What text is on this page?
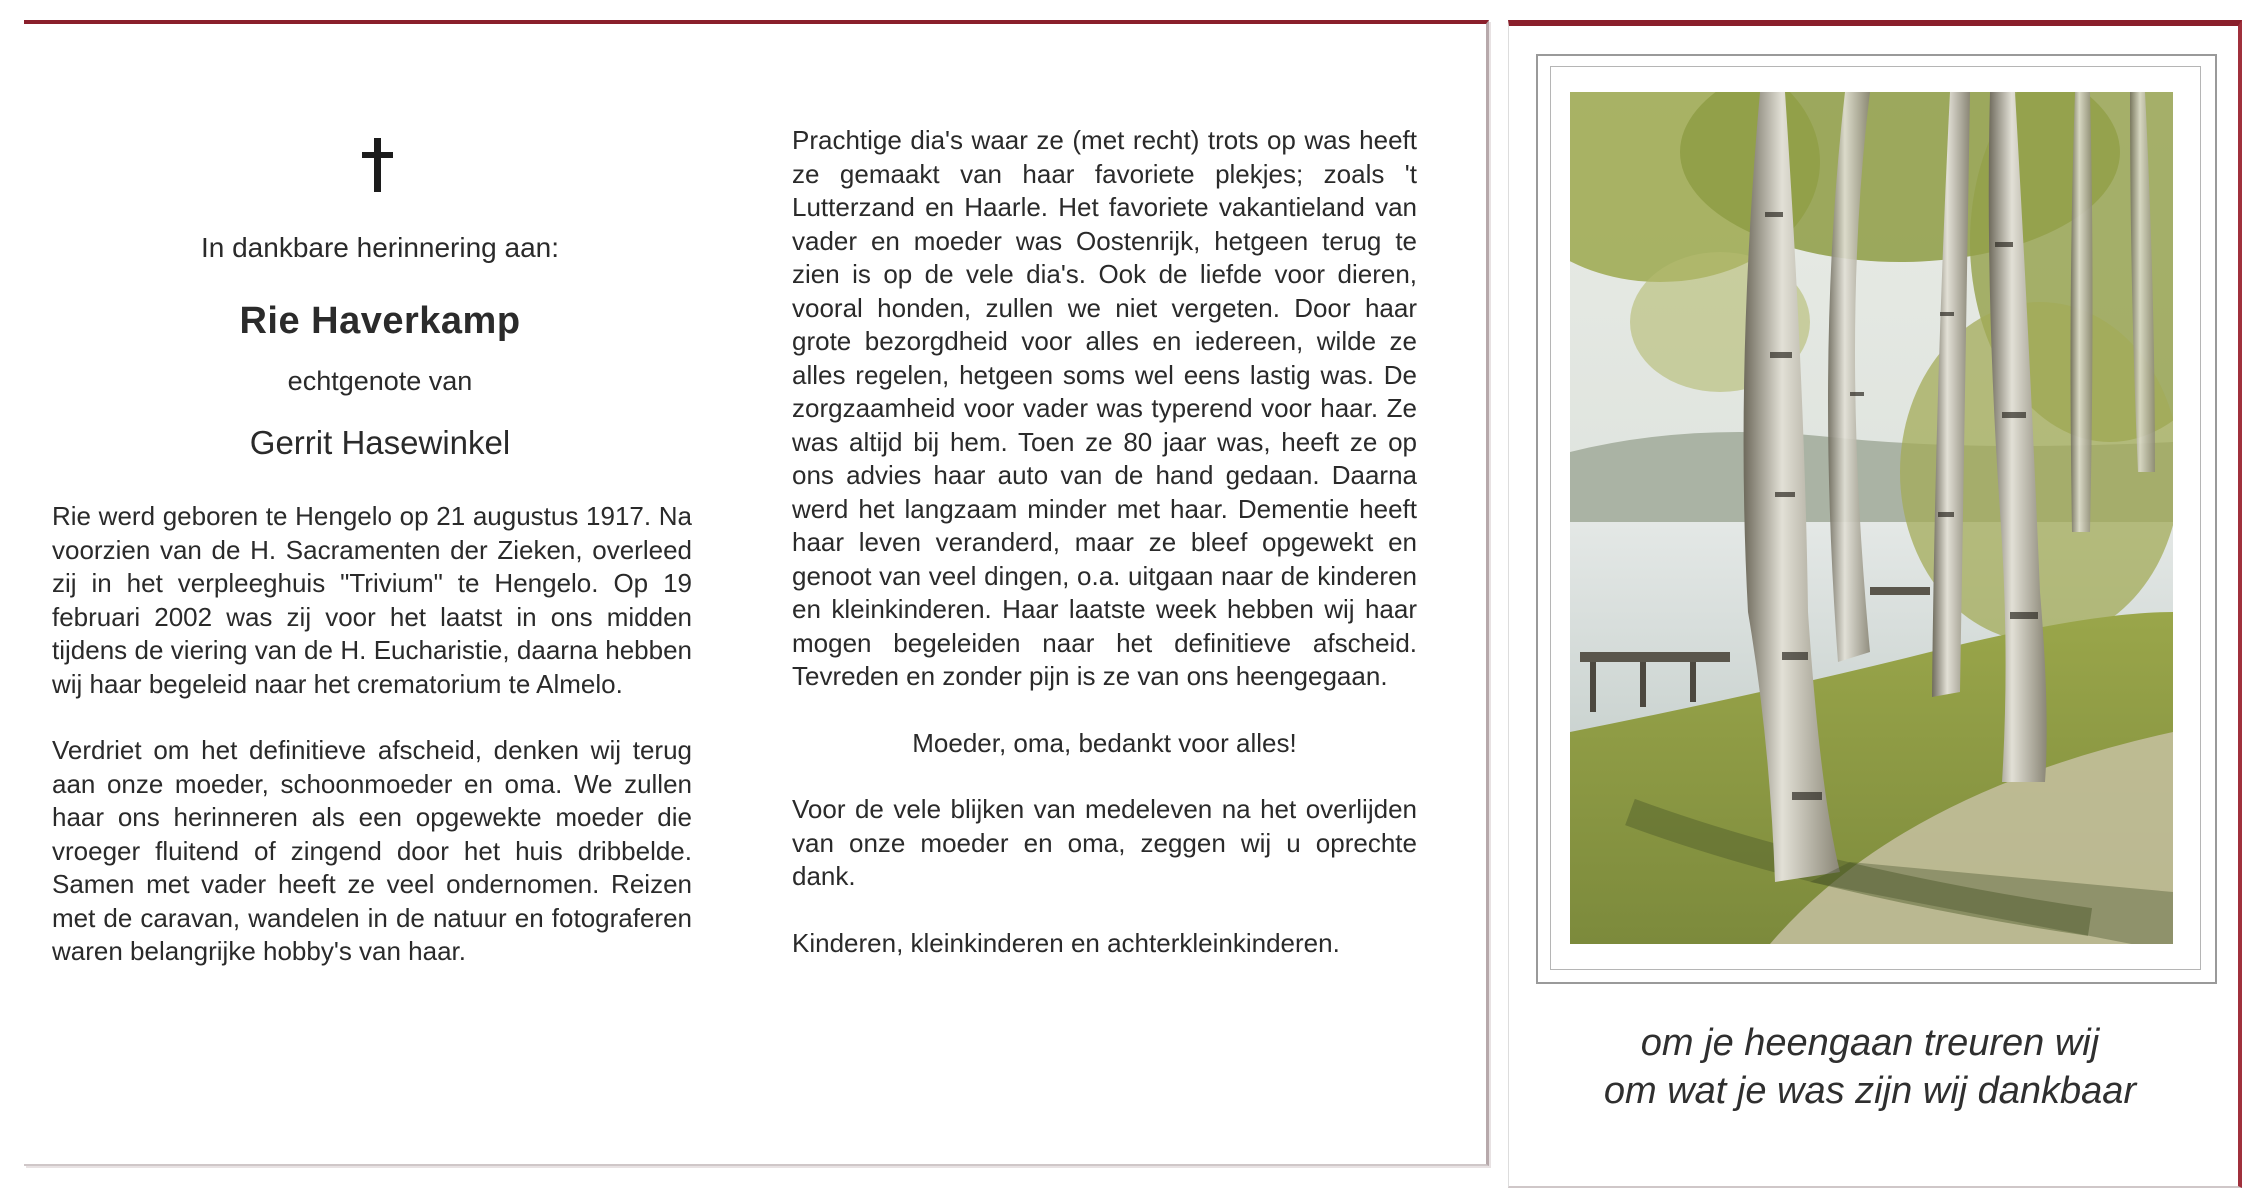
In dankbare herinnering aan:
Rie Haverkamp
echtgenote van
Gerrit Hasewinkel

Rie werd geboren te Hengelo op 21 augustus 1917. Na voorzien van de H. Sacramenten der Zieken, overleed zij in het verpleeghuis "Trivium" te Hengelo. Op 19 februari 2002 was zij voor het laatst in ons midden tijdens de viering van de H. Eucharistie, daarna hebben wij haar begeleid naar het crematorium te Almelo.

Verdriet om het definitieve afscheid, denken wij terug aan onze moeder, schoonmoeder en oma. We zullen haar ons herinneren als een opgewekte moeder die vroeger fluitend of zingend door het huis dribbelde. Samen met vader heeft ze veel ondernomen. Reizen met de caravan, wandelen in de natuur en fotograferen waren belangrijke hobby's van haar.

Prachtige dia's waar ze (met recht) trots op was heeft ze gemaakt van haar favoriete plekjes; zoals 't Lutterzand en Haarle. Het favoriete vakantieland van vader en moeder was Oostenrijk, hetgeen terug te zien is op de vele dia's. Ook de liefde voor dieren, vooral honden, zullen we niet vergeten. Door haar grote bezorgdheid voor alles en iedereen, wilde ze alles regelen, hetgeen soms wel eens lastig was. De zorgzaamheid voor vader was typerend voor haar. Ze was altijd bij hem. Toen ze 80 jaar was, heeft ze op ons advies haar auto van de hand gedaan. Daarna werd het langzaam minder met haar. Dementie heeft haar leven veranderd, maar ze bleef opgewekt en genoot van veel dingen, o.a. uitgaan naar de kinderen en kleinkinderen. Haar laatste week hebben wij haar mogen begeleiden naar het definitieve afscheid. Tevreden en zonder pijn is ze van ons heengegaan.

Moeder, oma, bedankt voor alles!

Voor de vele blijken van medeleven na het overlijden van onze moeder en oma, zeggen wij u oprechte dank.

Kinderen, kleinkinderen en achterkleinkinderen.

om je heengaan treuren wij
om wat je was zijn wij dankbaar
